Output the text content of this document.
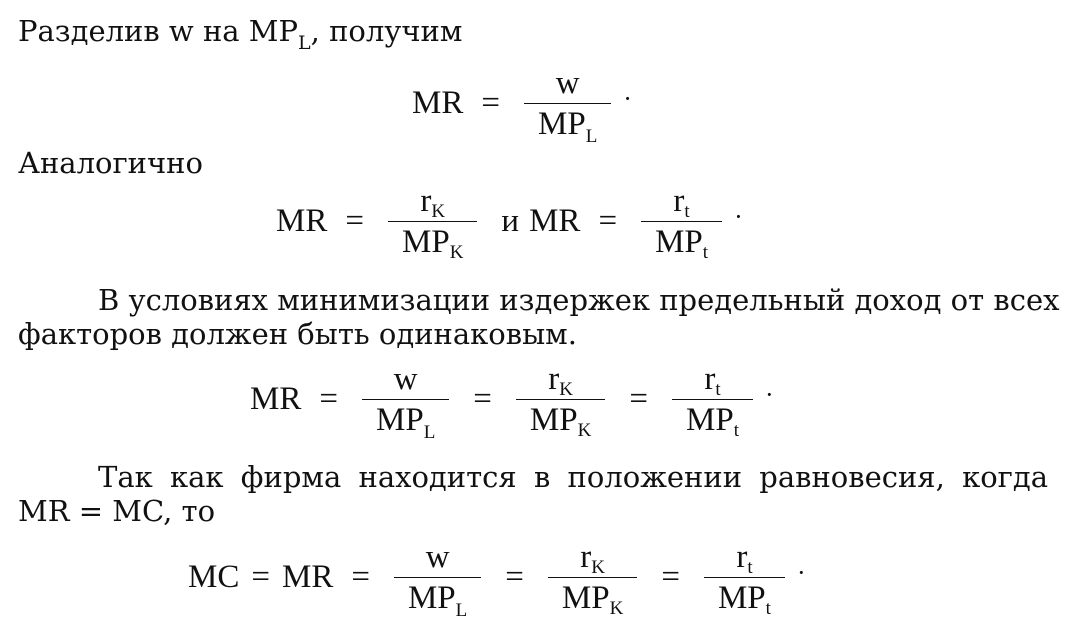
Разделив w на $MP_L$, получим
MR = $\frac{w}{MP_L}$ ·
Аналогично
MR = $\frac{r_K}{MP_K}$ и MR = $\frac{r_t}{MP_t}$ ·
В условиях минимизации издержек предельный доход от всех
факторов должен быть одинаковым.
MR = $\frac{w}{MP_L} = \frac{r_K}{MP_K} = \frac{r_t}{MP_t}$ ·
Так как фирма находится в положении равновесия, когда
MR = MC, то
MC = MR = $\frac{w}{MP_L} = \frac{r_K}{MP_K} = \frac{r_t}{MP_t}$ ·
